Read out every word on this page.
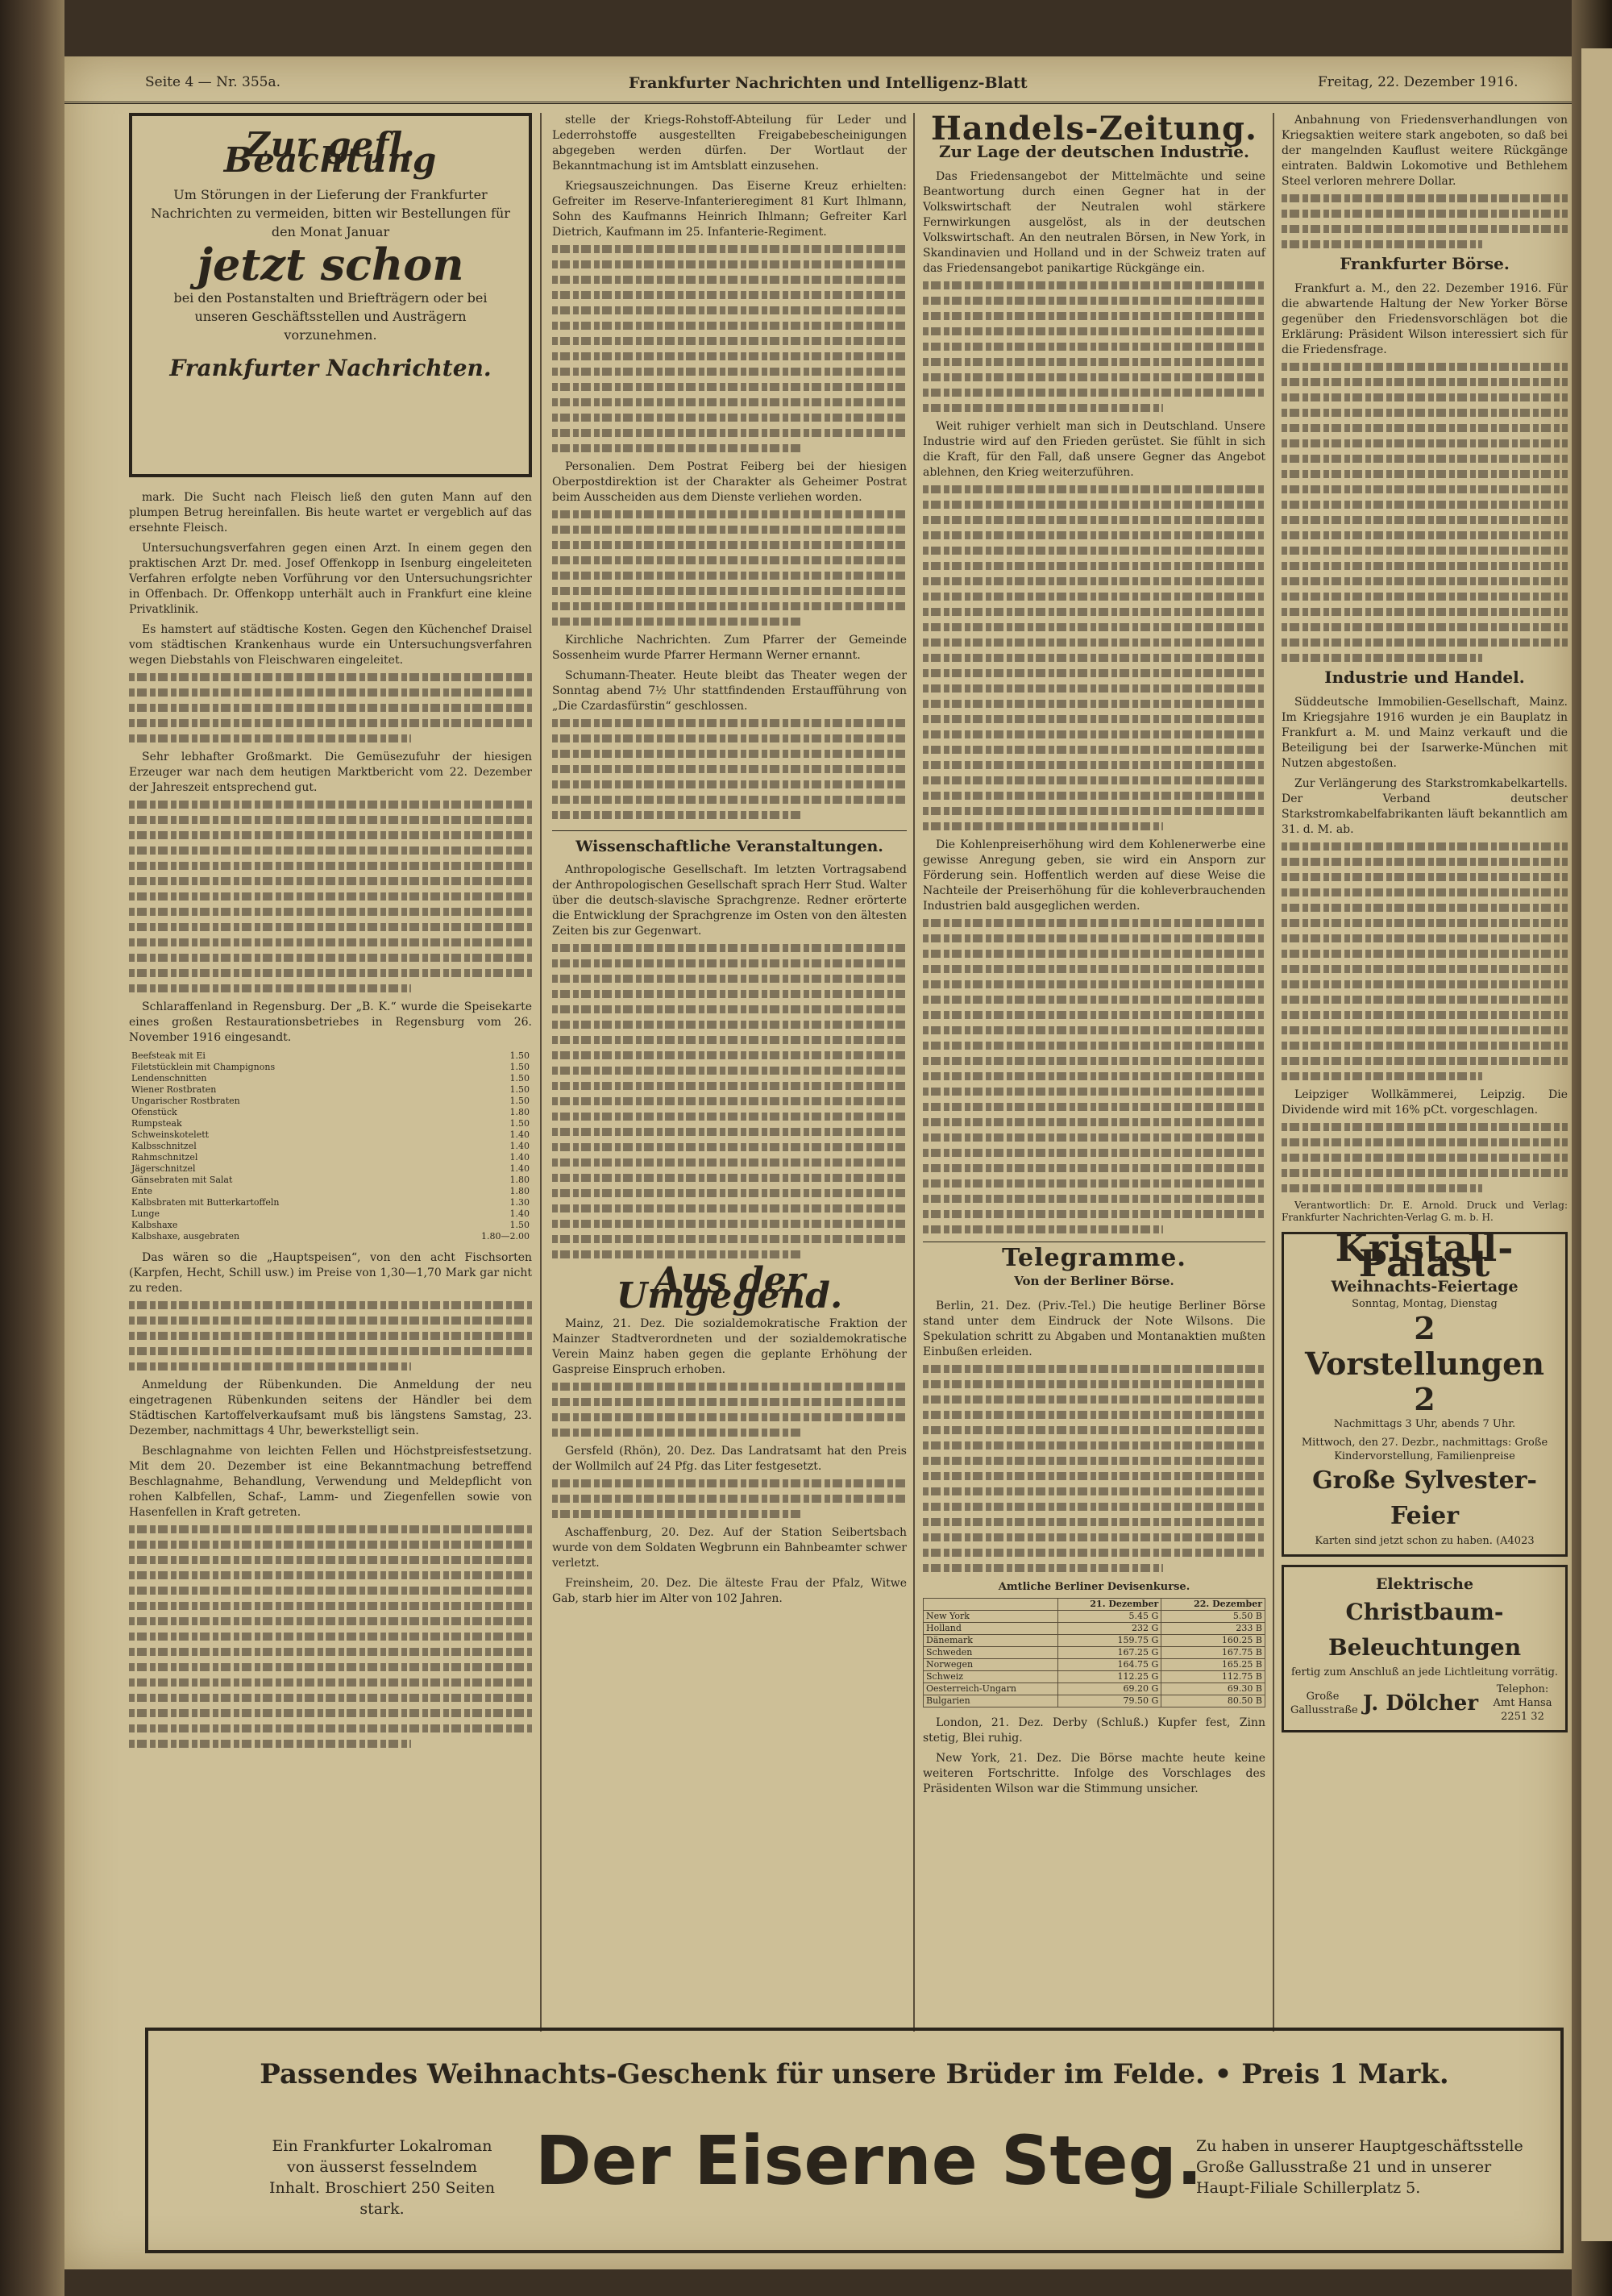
Seite 4 — Nr. 355a.	Frankfurter Nachrichten und Intelligenz-Blatt	Freitag, 22. Dezember 1916.
Zur gefl. Beachtung
Um Störungen in der Lieferung der Frankfurter Nachrichten zu vermeiden, bitten wir Bestellungen für den Monat Januar
jetzt schon
bei den Postanstalten und Briefträgern oder bei unseren Geschäftsstellen und Austrägern vorzunehmen.
Frankfurter Nachrichten.

mark. Die Sucht nach Fleisch ließ den guten Mann auf den plumpen Betrug hereinfallen. Bis heute wartet er vergeblich auf das ersehnte Fleisch.

Untersuchungsverfahren gegen einen Arzt. In einem gegen den praktischen Arzt Dr. med. Josef Offenkopp in Isenburg eingeleiteten Verfahren erfolgte neben Vorführung vor den Untersuchungsrichter in Offenbach. Dr. Offenkopp unterhält auch in Frankfurt eine kleine Privatklinik.

Es hamstert auf städtische Kosten. Gegen den Küchenchef Draisel vom städtischen Krankenhaus wurde ein Untersuchungsverfahren wegen Diebstahls von Fleischwaren eingeleitet.

Sehr lebhafter Großmarkt. Die Gemüsezufuhr der hiesigen Erzeuger war nach dem heutigen Marktbericht vom 22. Dezember der Jahreszeit entsprechend gut.

Schlaraffenland in Regensburg. Der „B. K.“ wurde die Speisekarte eines großen Restaurationsbetriebes in Regensburg vom 26. November 1916 eingesandt.

Beefsteak mit Ei	1.50
Filetstücklein mit Champignons	1.50
Lendenschnitten	1.50
Wiener Rostbraten	1.50
Ungarischer Rostbraten	1.50
Ofenstück	1.80
Rumpsteak	1.50
Schweinskotelett	1.40
Kalbsschnitzel	1.40
Rahmschnitzel	1.40
Jägerschnitzel	1.40
Gänsebraten mit Salat	1.80
Ente	1.80
Kalbsbraten mit Butterkartoffeln	1.30
Lunge	1.40
Kalbshaxe	1.50
Kalbshaxe, ausgebraten	1.80—2.00

Das wären so die „Hauptspeisen“, von den acht Fischsorten (Karpfen, Hecht, Schill usw.) im Preise von 1,30—1,70 Mark gar nicht zu reden.

Anmeldung der Rübenkunden. Die Anmeldung der neu eingetragenen Rübenkunden seitens der Händler bei dem Städtischen Kartoffelverkaufsamt muß bis längstens Samstag, 23. Dezember, nachmittags 4 Uhr, bewerkstelligt sein.

Beschlagnahme von leichten Fellen und Höchstpreisfestsetzung. Mit dem 20. Dezember ist eine Bekanntmachung betreffend Beschlagnahme, Behandlung, Verwendung und Meldepflicht von rohen Kalbfellen, Schaf-, Lamm- und Ziegenfellen sowie von Hasenfellen in Kraft getreten.

stelle der Kriegs-Rohstoff-Abteilung für Leder und Lederrohstoffe ausgestellten Freigabebescheinigungen abgegeben werden dürfen. Der Wortlaut der Bekanntmachung ist im Amtsblatt einzusehen.

Kriegsauszeichnungen. Das Eiserne Kreuz erhielten: Gefreiter im Reserve-Infanterieregiment 81 Kurt Ihlmann, Sohn des Kaufmanns Heinrich Ihlmann; Gefreiter Karl Dietrich, Kaufmann im 25. Infanterie-Regiment.

Personalien. Dem Postrat Feiberg bei der hiesigen Oberpostdirektion ist der Charakter als Geheimer Postrat beim Ausscheiden aus dem Dienste verliehen worden.

Kirchliche Nachrichten. Zum Pfarrer der Gemeinde Sossenheim wurde Pfarrer Hermann Werner ernannt.

Schumann-Theater. Heute bleibt das Theater wegen der Sonntag abend 7½ Uhr stattfindenden Erstaufführung von „Die Czardasfürstin“ geschlossen.

Wissenschaftliche Veranstaltungen.

Anthropologische Gesellschaft. Im letzten Vortragsabend der Anthropologischen Gesellschaft sprach Herr Stud. Walter über die deutsch-slavische Sprachgrenze. Redner erörterte die Entwicklung der Sprachgrenze im Osten von den ältesten Zeiten bis zur Gegenwart.

Aus der Umgegend.

Mainz, 21. Dez. Die sozialdemokratische Fraktion der Mainzer Stadtverordneten und der sozialdemokratische Verein Mainz haben gegen die geplante Erhöhung der Gaspreise Einspruch erhoben.

Gersfeld (Rhön), 20. Dez. Das Landratsamt hat den Preis der Wollmilch auf 24 Pfg. das Liter festgesetzt.

Aschaffenburg, 20. Dez. Auf der Station Seibertsbach wurde von dem Soldaten Wegbrunn ein Bahnbeamter schwer verletzt.

Freinsheim, 20. Dez. Die älteste Frau der Pfalz, Witwe Gab, starb hier im Alter von 102 Jahren.

Handels-Zeitung.
Zur Lage der deutschen Industrie.

Das Friedensangebot der Mittelmächte und seine Beantwortung durch einen Gegner hat in der Volkswirtschaft der Neutralen wohl stärkere Fernwirkungen ausgelöst, als in der deutschen Volkswirtschaft. An den neutralen Börsen, in New York, in Skandinavien und Holland und in der Schweiz traten auf das Friedensangebot panikartige Rückgänge ein.

Weit ruhiger verhielt man sich in Deutschland. Unsere Industrie wird auf den Frieden gerüstet. Sie fühlt in sich die Kraft, für den Fall, daß unsere Gegner das Angebot ablehnen, den Krieg weiterzuführen.

Die Kohlenpreiserhöhung wird dem Kohlenerwerbe eine gewisse Anregung geben, sie wird ein Ansporn zur Förderung sein. Hoffentlich werden auf diese Weise die Nachteile der Preiserhöhung für die kohleverbrauchenden Industrien bald ausgeglichen werden.

Telegramme.
Von der Berliner Börse.

Berlin, 21. Dez. (Priv.-Tel.) Die heutige Berliner Börse stand unter dem Eindruck der Note Wilsons. Die Spekulation schritt zu Abgaben und Montanaktien mußten Einbußen erleiden.

Amtliche Berliner Devisenkurse.
	21. Dezember	22. Dezember
New York	5.45 G	5.50 B
Holland	232 G	233 B
Dänemark	159.75 G	160.25 B
Schweden	167.25 G	167.75 B
Norwegen	164.75 G	165.25 B
Schweiz	112.25 G	112.75 B
Oesterreich-Ungarn	69.20 G	69.30 B
Bulgarien	79.50 G	80.50 B

London, 21. Dez. Derby (Schluß.) Kupfer fest, Zinn stetig, Blei ruhig.

New York, 21. Dez. Die Börse machte heute keine weiteren Fortschritte. Infolge des Vorschlages des Präsidenten Wilson war die Stimmung unsicher.

Anbahnung von Friedensverhandlungen von Kriegsaktien weitere stark angeboten, so daß bei der mangelnden Kauflust weitere Rückgänge eintraten. Baldwin Lokomotive und Bethlehem Steel verloren mehrere Dollar.

Frankfurter Börse.

Frankfurt a. M., den 22. Dezember 1916. Für die abwartende Haltung der New Yorker Börse gegenüber den Friedensvorschlägen bot die Erklärung: Präsident Wilson interessiert sich für die Friedensfrage.

Industrie und Handel.

Süddeutsche Immobilien-Gesellschaft, Mainz. Im Kriegsjahre 1916 wurden je ein Bauplatz in Frankfurt a. M. und Mainz verkauft und die Beteiligung bei der Isarwerke-München mit Nutzen abgestoßen.

Zur Verlängerung des Starkstromkabelkartells. Der Verband deutscher Starkstromkabelfabrikanten läuft bekanntlich am 31. d. M. ab.

Leipziger Wollkämmerei, Leipzig. Die Dividende wird mit 16% pCt. vorgeschlagen.

Verantwortlich: Dr. E. Arnold. Druck und Verlag: Frankfurter Nachrichten-Verlag G. m. b. H.

Kristall-Palast
Weihnachts-Feiertage
Sonntag, Montag, Dienstag
2 Vorstellungen 2
Nachmittags 3 Uhr, abends 7 Uhr.
Mittwoch, den 27. Dezbr., nachmittags: Große Kindervorstellung, Familienpreise
Große Sylvester-Feier
Karten sind jetzt schon zu haben. (A4023
Elektrische
Christbaum-Beleuchtungen
fertig zum Anschluß an jede Lichtleitung vorrätig.
Große Gallusstraße J. Dölcher
Telephon: Amt Hansa 2251 32
Passendes Weihnachts-Geschenk für unsere Brüder im Felde. • Preis 1 Mark.
Ein Frankfurter Lokalroman von äusserst fesselndem Inhalt. Broschiert 250 Seiten stark.
Der Eiserne Steg.
Zu haben in unserer Hauptgeschäftsstelle Große Gallusstraße 21 und in unserer Haupt-Filiale Schillerplatz 5.
